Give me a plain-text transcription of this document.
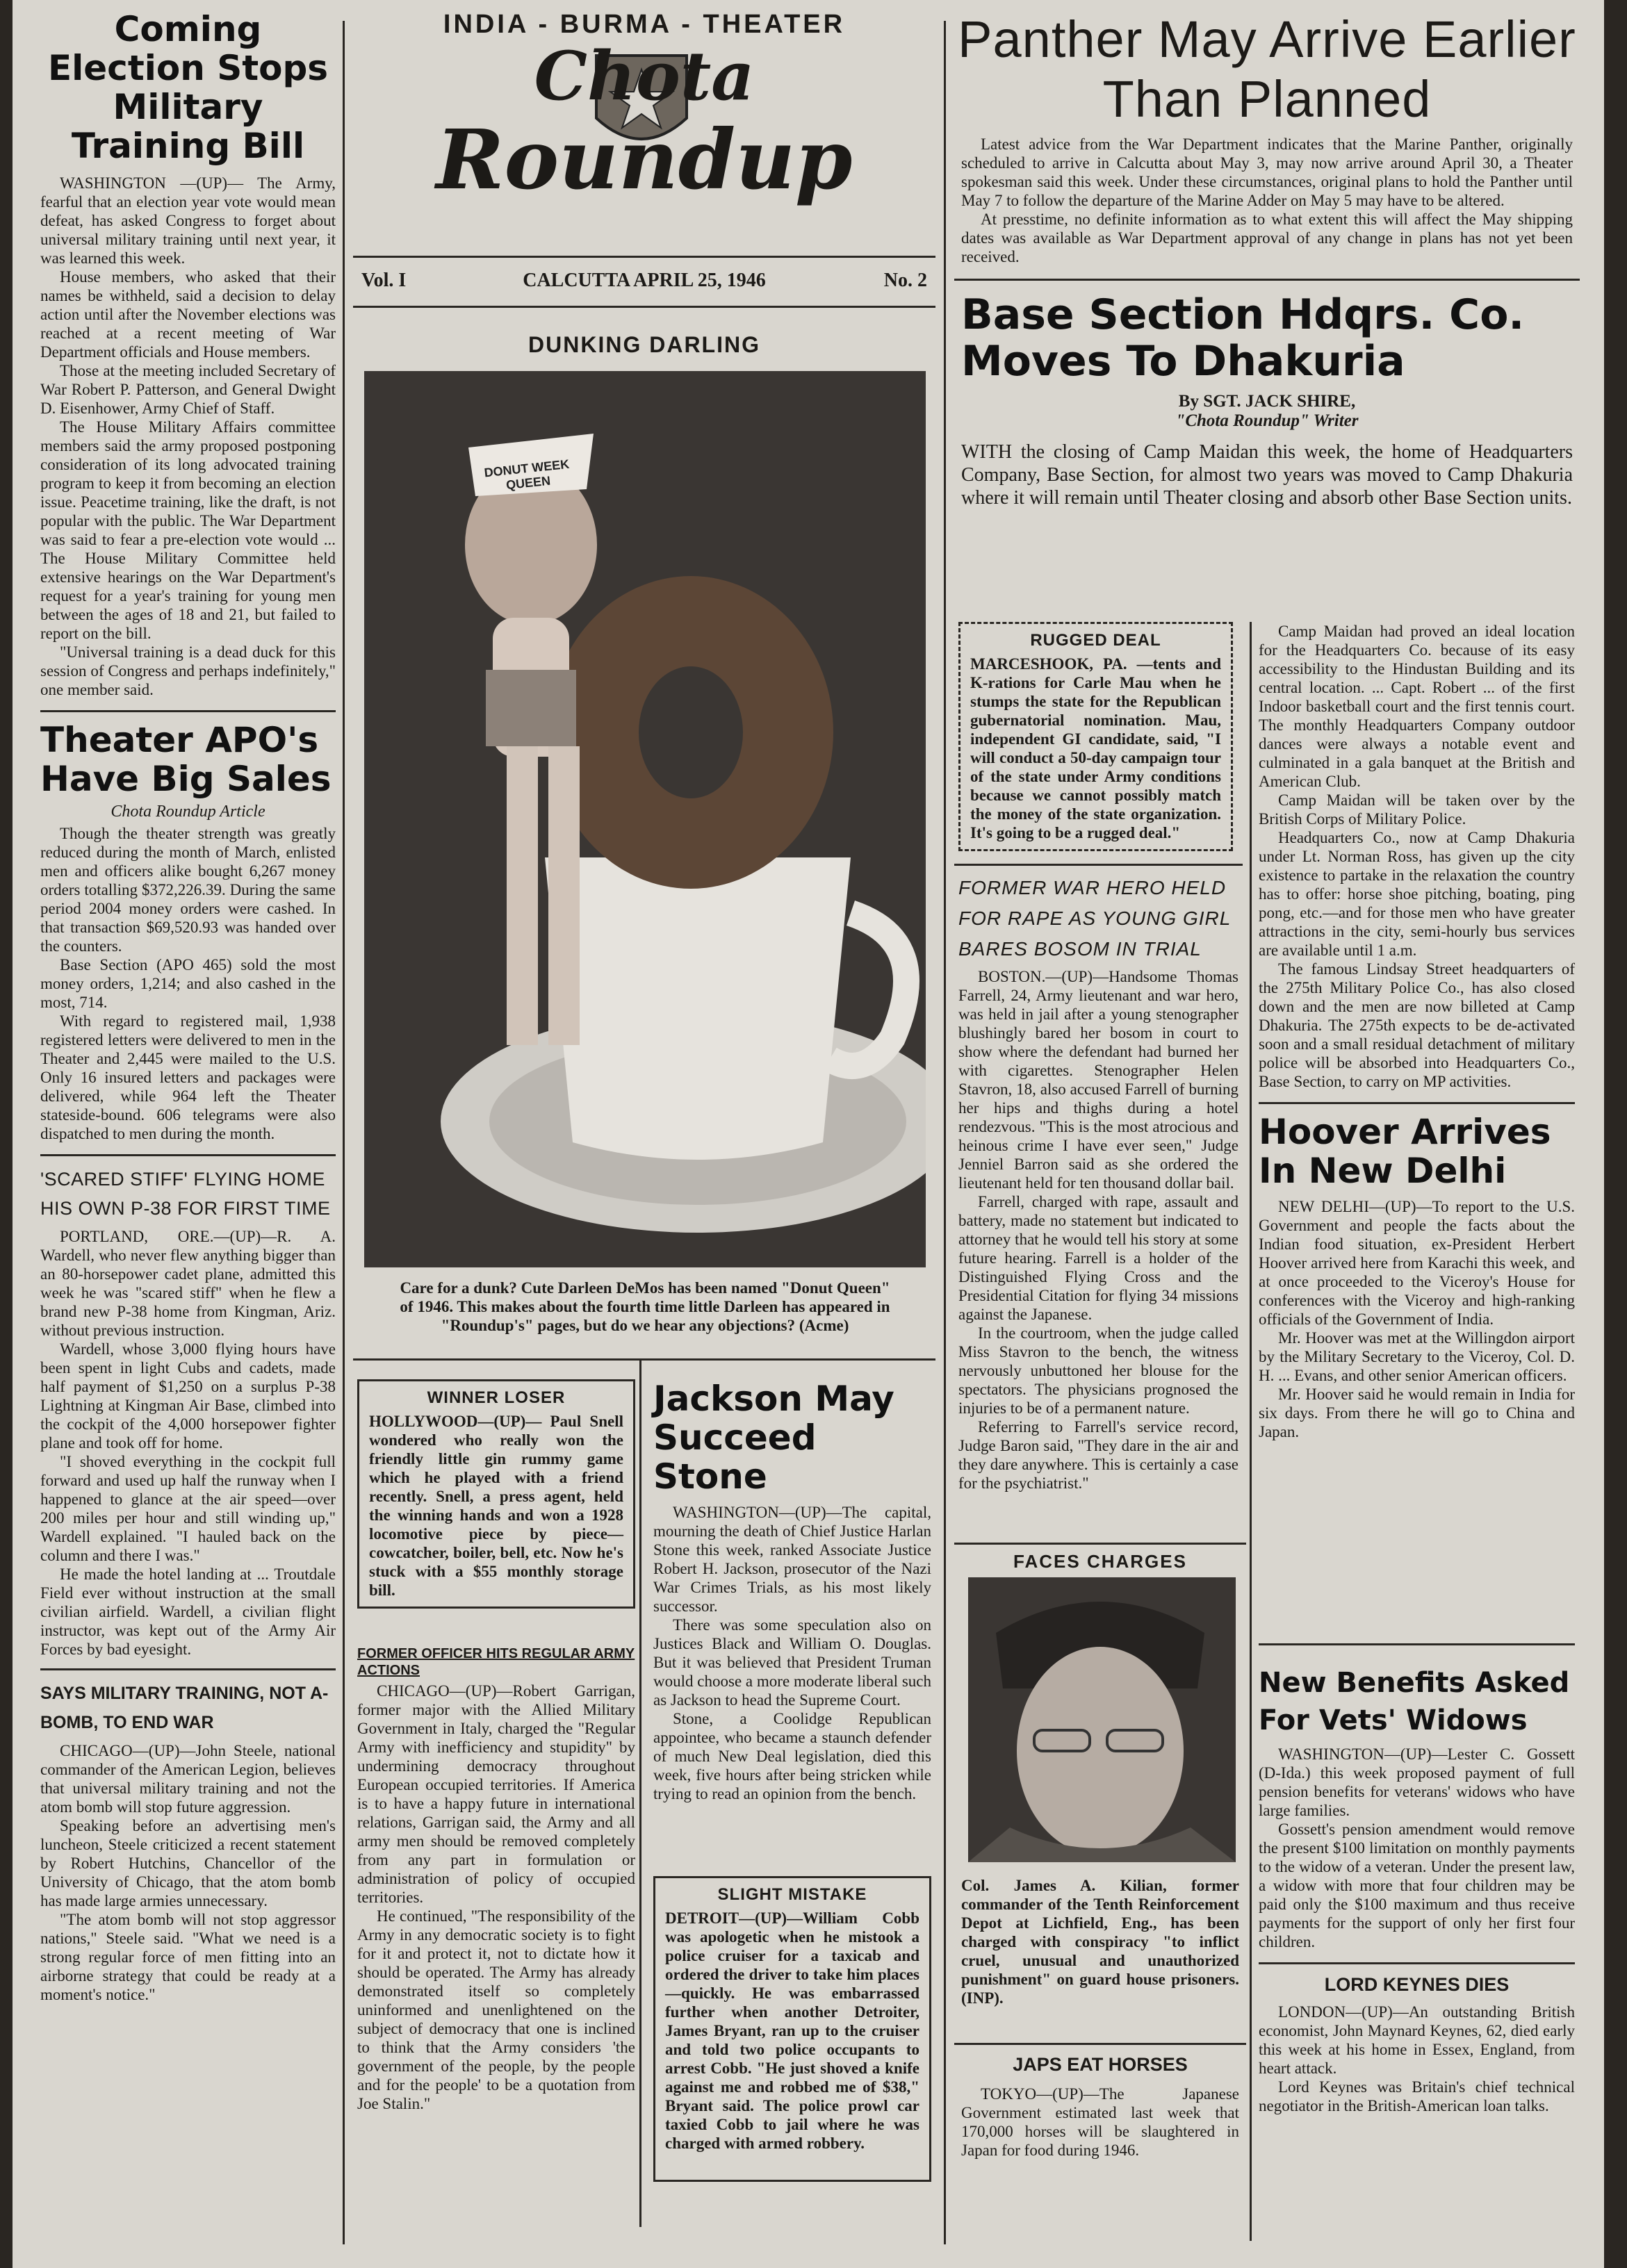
Coming Election Stops Military Training Bill

WASHINGTON —(UP)— The Army, fearful that an election year vote would mean defeat, has asked Congress to forget about universal military training until next year, it was learned this week.

House members, who asked that their names be withheld, said a decision to delay action until after the November elections was reached at a recent meeting of War Department officials and House members.

Those at the meeting included Secretary of War Robert P. Patterson, and General Dwight D. Eisenhower, Army Chief of Staff.

The House Military Affairs committee members said the army proposed postponing consideration of its long advocated training program to keep it from becoming an election issue. Peacetime training, like the draft, is not popular with the public. The War Department was said to fear a pre-election vote would ... The House Military Committee held extensive hearings on the War Department's request for a year's training for young men between the ages of 18 and 21, but failed to report on the bill.

"Universal training is a dead duck for this session of Congress and perhaps indefinitely," one member said.

Theater APO's Have Big Sales
Chota Roundup Article

Though the theater strength was greatly reduced during the month of March, enlisted men and officers alike bought 6,267 money orders totalling $372,226.39. During the same period 2004 money orders were cashed. In that transaction $69,520.93 was handed over the counters.

Base Section (APO 465) sold the most money orders, 1,214; and also cashed in the most, 714.

With regard to registered mail, 1,938 registered letters were delivered to men in the Theater and 2,445 were mailed to the U.S. Only 16 insured letters and packages were delivered, while 964 left the Theater stateside-bound. 606 telegrams were also dispatched to men during the month.

'SCARED STIFF' FLYING HOME HIS OWN P-38 FOR FIRST TIME

PORTLAND, ORE.—(UP)—R. A. Wardell, who never flew anything bigger than an 80-horsepower cadet plane, admitted this week he was "scared stiff" when he flew a brand new P-38 home from Kingman, Ariz. without previous instruction.

Wardell, whose 3,000 flying hours have been spent in light Cubs and cadets, made half payment of $1,250 on a surplus P-38 Lightning at Kingman Air Base, climbed into the cockpit of the 4,000 horsepower fighter plane and took off for home.

"I shoved everything in the cockpit full forward and used up half the runway when I happened to glance at the air speed—over 200 miles per hour and still winding up," Wardell explained. "I hauled back on the column and there I was."

He made the hotel landing at ... Troutdale Field ever without instruction at the small civilian airfield. Wardell, a civilian flight instructor, was kept out of the Army Air Forces by bad eyesight.

SAYS MILITARY TRAINING, NOT A-BOMB, TO END WAR

CHICAGO—(UP)—John Steele, national commander of the American Legion, believes that universal military training and not the atom bomb will stop future aggression.

Speaking before an advertising men's luncheon, Steele criticized a recent statement by Robert Hutchins, Chancellor of the University of Chicago, that the atom bomb has made large armies unnecessary.

"The atom bomb will not stop aggressor nations," Steele said. "What we need is a strong regular force of men fitting into an airborne strategy that could be ready at a moment's notice."

INDIA - BURMA - THEATER
Chota
Roundup
Vol. I	CALCUTTA APRIL 25, 1946	No. 2
DUNKING DARLING
DONUT WEEK QUEEN
Care for a dunk? Cute Darleen DeMos has been named "Donut Queen" of 1946. This makes about the fourth time little Darleen has appeared in "Roundup's" pages, but do we hear any objections? (Acme)
WINNER LOSER
HOLLYWOOD—(UP)— Paul Snell wondered who really won the friendly little gin rummy game which he played with a friend recently. Snell, a press agent, held the winning hands and won a 1928 locomotive piece by piece—cowcatcher, boiler, bell, etc. Now he's stuck with a $55 monthly storage bill.
FORMER OFFICER HITS REGULAR ARMY ACTIONS

CHICAGO—(UP)—Robert Garrigan, former major with the Allied Military Government in Italy, charged the "Regular Army with inefficiency and stupidity" by undermining democracy throughout European occupied territories. If America is to have a happy future in international relations, Garrigan said, the Army and all army men should be removed completely from any part in formulation or administration of policy of occupied territories.

He continued, "The responsibility of the Army in any democratic society is to fight for it and protect it, not to dictate how it should be operated. The Army has already demonstrated itself so completely uninformed and unenlightened on the subject of democracy that one is inclined to think that the Army considers 'the government of the people, by the people and for the people' to be a quotation from Joe Stalin."

Jackson May Succeed Stone

WASHINGTON—(UP)—The capital, mourning the death of Chief Justice Harlan Stone this week, ranked Associate Justice Robert H. Jackson, prosecutor of the Nazi War Crimes Trials, as his most likely successor.

There was some speculation also on Justices Black and William O. Douglas. But it was believed that President Truman would choose a more moderate liberal such as Jackson to head the Supreme Court.

Stone, a Coolidge Republican appointee, who became a staunch defender of much New Deal legislation, died this week, five hours after being stricken while trying to read an opinion from the bench.

SLIGHT MISTAKE
DETROIT—(UP)—William Cobb was apologetic when he mistook a police cruiser for a taxicab and ordered the driver to take him places—quickly. He was embarrassed further when another Detroiter, James Bryant, ran up to the cruiser and told two police occupants to arrest Cobb. "He just shoved a knife against me and robbed me of $38," Bryant said. The police prowl car taxied Cobb to jail where he was charged with armed robbery.
Panther May Arrive Earlier Than Planned

Latest advice from the War Department indicates that the Marine Panther, originally scheduled to arrive in Calcutta about May 3, may now arrive around April 30, a Theater spokesman said this week. Under these circumstances, original plans to hold the Panther until May 7 to follow the departure of the Marine Adder on May 5 may have to be altered.

At presstime, no definite information as to what extent this will affect the May shipping dates was available as War Department approval of any change in plans has not yet been received.

Base Section Hdqrs. Co. Moves To Dhakuria
By SGT. JACK SHIRE,
"Chota Roundup" Writer
WITH the closing of Camp Maidan this week, the home of Headquarters Company, Base Section, for almost two years was moved to Camp Dhakuria where it will remain until Theater closing and absorb other Base Section units.
RUGGED DEAL
MARCESHOOK, PA. —tents and K-rations for Carle Mau when he stumps the state for the Republican gubernatorial nomination. Mau, independent GI candidate, said, "I will conduct a 50-day campaign tour of the state under Army conditions because we cannot possibly match the money of the state organization. It's going to be a rugged deal."
FORMER WAR HERO HELD FOR RAPE AS YOUNG GIRL BARES BOSOM IN TRIAL

BOSTON.—(UP)—Handsome Thomas Farrell, 24, Army lieutenant and war hero, was held in jail after a young stenographer blushingly bared her bosom in court to show where the defendant had burned her with cigarettes. Stenographer Helen Stavron, 18, also accused Farrell of burning her hips and thighs during a hotel rendezvous. "This is the most atrocious and heinous crime I have ever seen," Judge Jenniel Barron said as she ordered the lieutenant held for ten thousand dollar bail.

Farrell, charged with rape, assault and battery, made no statement but indicated to attorney that he would tell his story at some future hearing. Farrell is a holder of the Distinguished Flying Cross and the Presidential Citation for flying 34 missions against the Japanese.

In the courtroom, when the judge called Miss Stavron to the bench, the witness nervously unbuttoned her blouse for the spectators. The physicians prognosed the injuries to be of a permanent nature.

Referring to Farrell's service record, Judge Baron said, "They dare in the air and they dare anywhere. This is certainly a case for the psychiatrist."

Camp Maidan had proved an ideal location for the Headquarters Co. because of its easy accessibility to the Hindustan Building and its central location. ... Capt. Robert ... of the first Indoor basketball court and the first tennis court. The monthly Headquarters Company outdoor dances were always a notable event and culminated in a gala banquet at the British and American Club.

Camp Maidan will be taken over by the British Corps of Military Police.

Headquarters Co., now at Camp Dhakuria under Lt. Norman Ross, has given up the city existence to partake in the relaxation the country has to offer: horse shoe pitching, boating, ping pong, etc.—and for those men who have greater attractions in the city, semi-hourly bus services are available until 1 a.m.

The famous Lindsay Street headquarters of the 275th Military Police Co., has also closed down and the men are now billeted at Camp Dhakuria. The 275th expects to be de-activated soon and a small residual detachment of military police will be absorbed into Headquarters Co., Base Section, to carry on MP activities.

Hoover Arrives In New Delhi

NEW DELHI—(UP)—To report to the U.S. Government and people the facts about the Indian food situation, ex-President Herbert Hoover arrived here from Karachi this week, and at once proceeded to the Viceroy's House for conferences with the Viceroy and high-ranking officials of the Government of India.

Mr. Hoover was met at the Willingdon airport by the Military Secretary to the Viceroy, Col. D. H. ... Evans, and other senior American officers.

Mr. Hoover said he would remain in India for six days. From there he will go to China and Japan.

FACES CHARGES
Col. James A. Kilian, former commander of the Tenth Reinforcement Depot at Lichfield, Eng., has been charged with conspiracy "to inflict cruel, unusual and unauthorized punishment" on guard house prisoners. (INP).
JAPS EAT HORSES
TOKYO—(UP)—The Japanese Government estimated last week that 170,000 horses will be slaughtered in Japan for food during 1946.
New Benefits Asked For Vets' Widows

WASHINGTON—(UP)—Lester C. Gossett (D-Ida.) this week proposed payment of full pension benefits for veterans' widows who have large families.

Gossett's pension amendment would remove the present $100 limitation on monthly payments to the widow of a veteran. Under the present law, a widow with more that four children may be paid only the $100 maximum and thus receive payments for the support of only her first four children.

LORD KEYNES DIES

LONDON—(UP)—An outstanding British economist, John Maynard Keynes, 62, died early this week at his home in Essex, England, from heart attack.

Lord Keynes was Britain's chief technical negotiator in the British-American loan talks.
